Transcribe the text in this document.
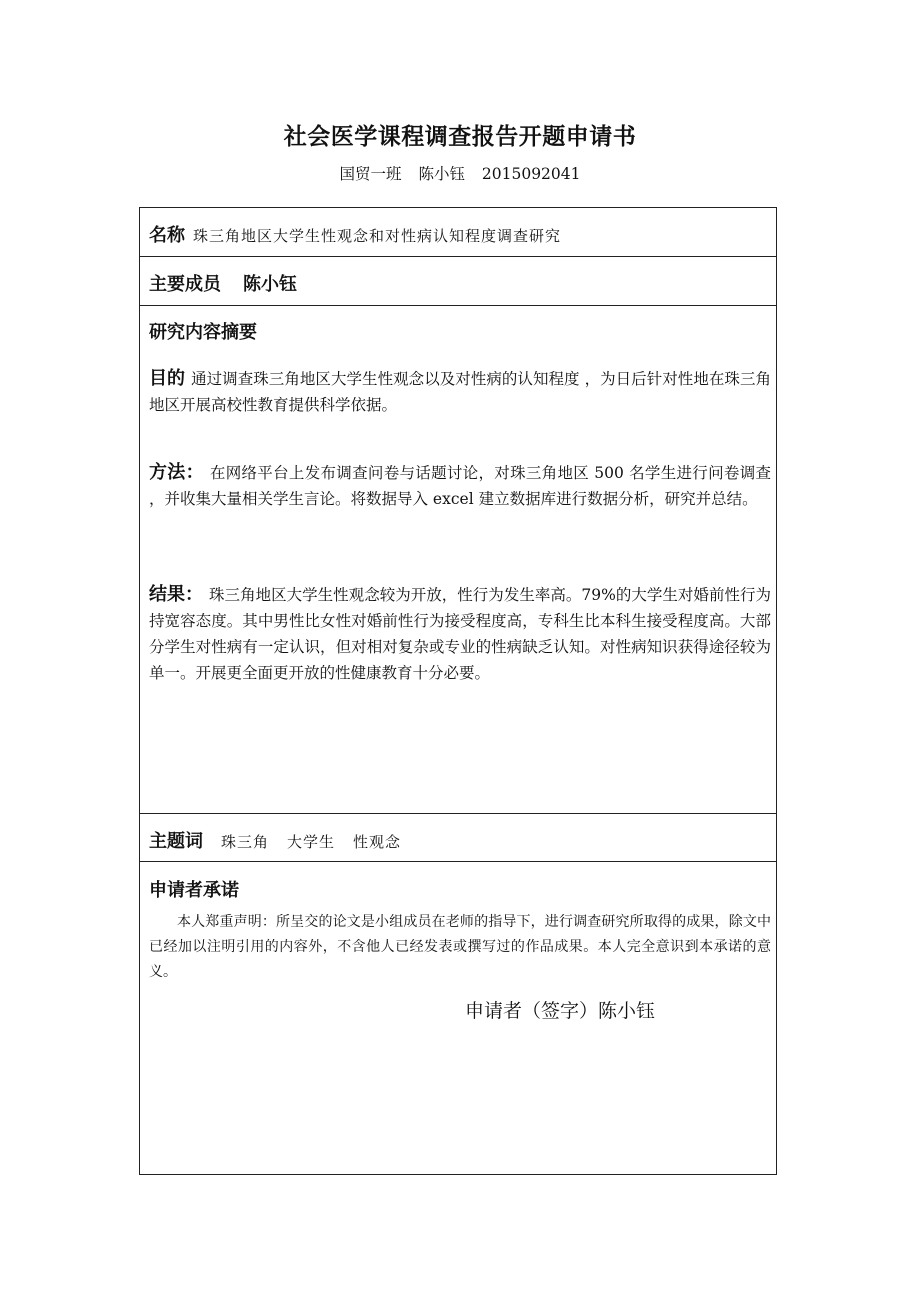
社会医学课程调查报告开题申请书
国贸一班 陈小钰 2015092041
名称 珠三角地区大学生性观念和对性病认知程度调查研究
主要成员 陈小钰
研究内容摘要
目的 通过调查珠三角地区大学生性观念以及对性病的认知程度 ，为日后针对性地在珠三角地区开展高校性教育提供科学依据。
方法： 在网络平台上发布调查问卷与话题讨论，对珠三角地区 500 名学生进行问卷调查 ，并收集大量相关学生言论。将数据导入 excel 建立数据库进行数据分析，研究并总结。
结果： 珠三角地区大学生性观念较为开放，性行为发生率高。79%的大学生对婚前性行为持宽容态度。其中男性比女性对婚前性行为接受程度高，专科生比本科生接受程度高。大部分学生对性病有一定认识，但对相对复杂或专业的性病缺乏认知。对性病知识获得途径较为单一。开展更全面更开放的性健康教育十分必要。
主题词 珠三角 大学生 性观念
申请者承诺
本人郑重声明：所呈交的论文是小组成员在老师的指导下，进行调查研究所取得的成果，除文中已经加以注明引用的内容外，不含他人已经发表或撰写过的作品成果。本人完全意识到本承诺的意义。
申请者（签字）陈小钰
